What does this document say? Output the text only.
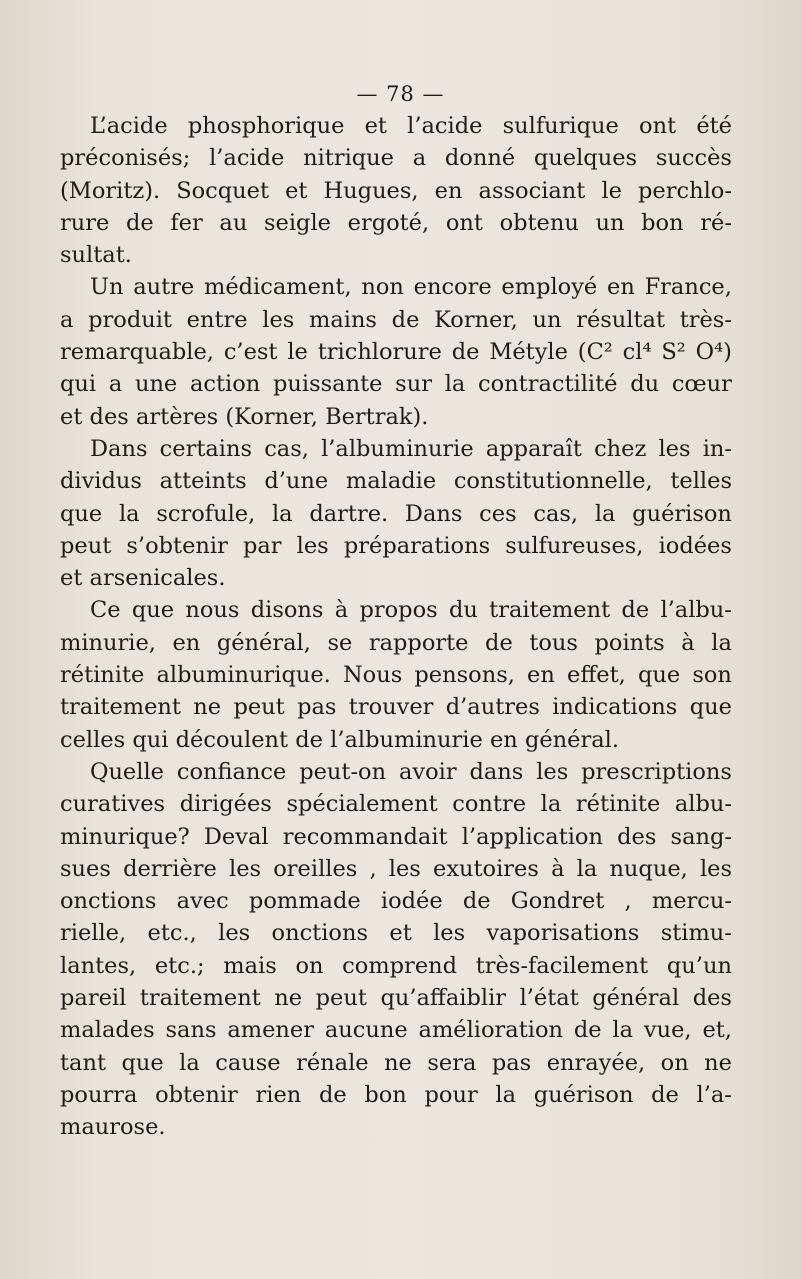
— 78 —

L’acide phosphorique et l’acide sulfurique ont été
préconisés; l’acide nitrique a donné quelques succès
(Moritz). Socquet et Hugues, en associant le perchlo-
rure de fer au seigle ergoté, ont obtenu un bon ré-
sultat.
Un autre médicament, non encore employé en France,
a produit entre les mains de Korner, un résultat très-
remarquable, c’est le trichlorure de Métyle (C² cl⁴ S² O⁴)
qui a une action puissante sur la contractilité du cœur
et des artères (Korner, Bertrak).
Dans certains cas, l’albuminurie apparaît chez les in-
dividus atteints d’une maladie constitutionnelle, telles
que la scrofule, la dartre. Dans ces cas, la guérison
peut s’obtenir par les préparations sulfureuses, iodées
et arsenicales.
Ce que nous disons à propos du traitement de l’albu-
minurie, en général, se rapporte de tous points à la
rétinite albuminurique. Nous pensons, en effet, que son
traitement ne peut pas trouver d’autres indications que
celles qui découlent de l’albuminurie en général.
Quelle confiance peut-on avoir dans les prescriptions
curatives dirigées spécialement contre la rétinite albu-
minurique? Deval recommandait l’application des sang-
sues derrière les oreilles , les exutoires à la nuque, les
onctions avec pommade iodée de Gondret , mercu-
rielle, etc., les onctions et les vaporisations stimu-
lantes, etc.; mais on comprend très-facilement qu’un
pareil traitement ne peut qu’affaiblir l’état général des
malades sans amener aucune amélioration de la vue, et,
tant que la cause rénale ne sera pas enrayée, on ne
pourra obtenir rien de bon pour la guérison de l’a-
maurose.
